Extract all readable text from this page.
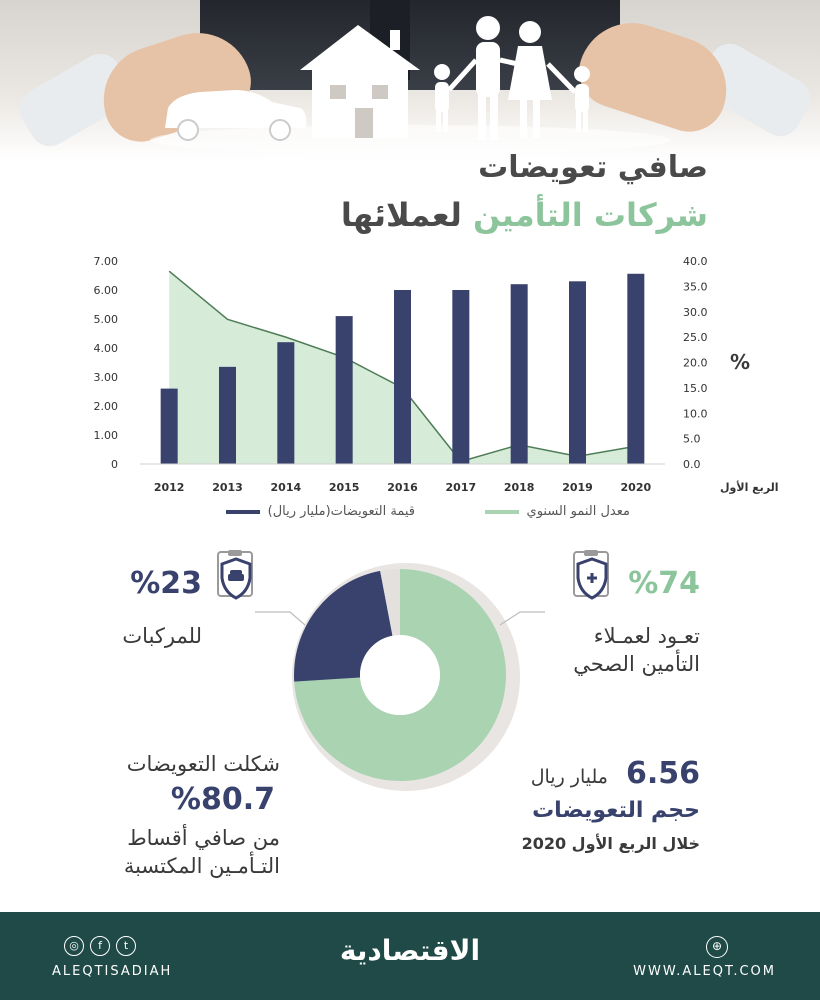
صافي تعويضات
شركات التأمين لعملائها
0
1.00
2.00
3.00
4.00
5.00
6.00
7.00
0.0
5.0
10.0
15.0
20.0
25.0
30.0
35.0
40.0
2012	2013	2014	2015	2016	2017	2018	2019	2020	الربع الأول
%
معدل النمو السنوي
قيمة التعويضات(مليار ريال)
%74
تعـود لعمـلاء
التأمين الصحي
%23
للمركبات
شكلت التعويضات
%80.7
من صافي أقساط
التـأمـين المكتسبة
6.56
مليار ريال
حجم التعويضات
خلال الربع الأول 2020
الاقتصادية
◎	f	t
ALEQTISADIAH
⊕
WWW.ALEQT.COM
